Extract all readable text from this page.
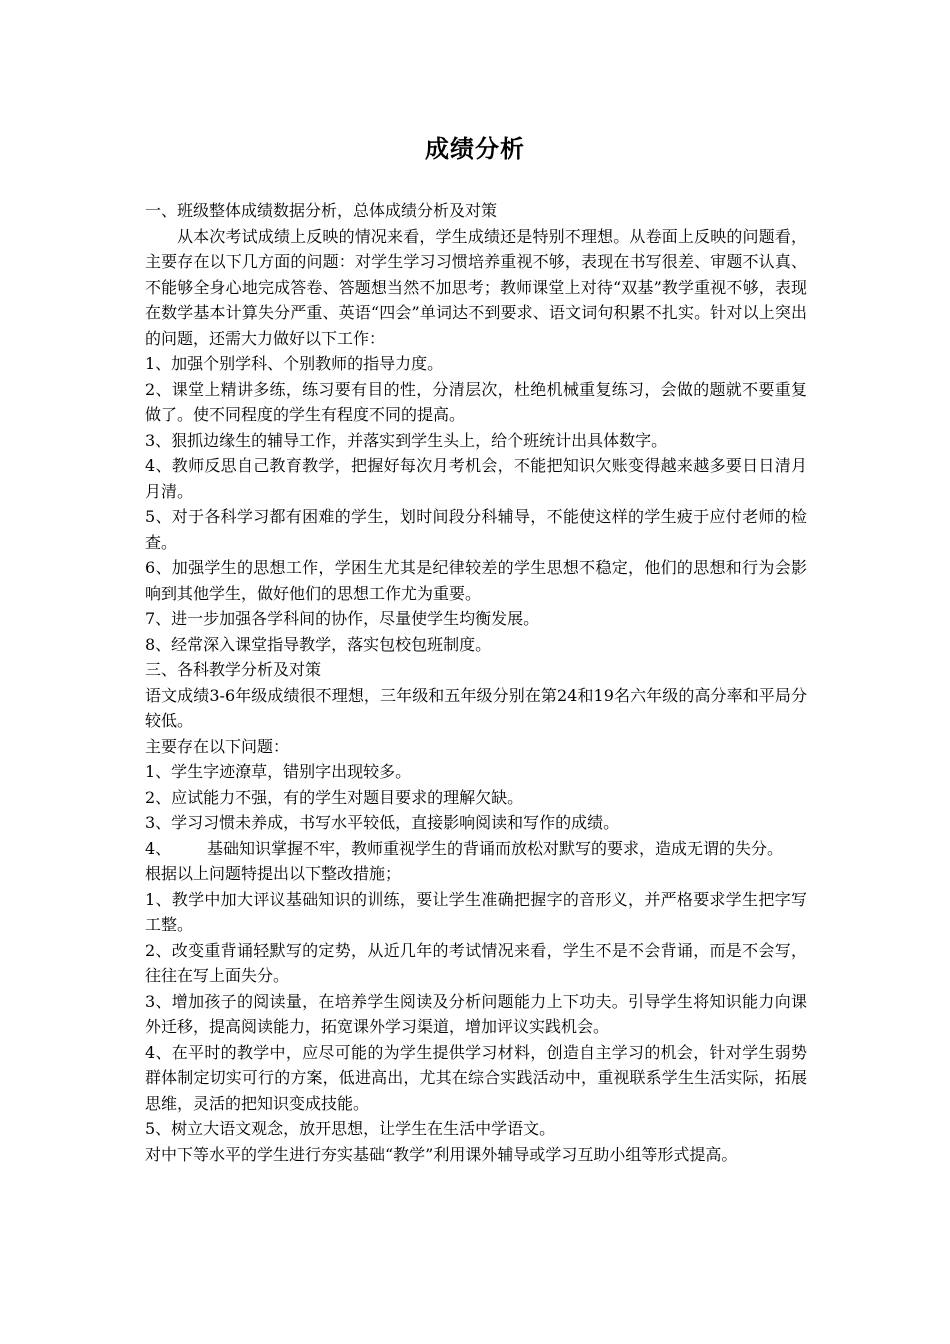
成绩分析

一、班级整体成绩数据分析，总体成绩分析及对策

从本次考试成绩上反映的情况来看，学生成绩还是特别不理想。从卷面上反映的问题看，主要存在以下几方面的问题：对学生学习习惯培养重视不够，表现在书写很差、审题不认真、不能够全身心地完成答卷、答题想当然不加思考；教师课堂上对待“双基”教学重视不够，表现在数学基本计算失分严重、英语“四会”单词达不到要求、语文词句积累不扎实。针对以上突出的问题，还需大力做好以下工作：

1、加强个别学科、个别教师的指导力度。

2、课堂上精讲多练，练习要有目的性，分清层次，杜绝机械重复练习，会做的题就不要重复做了。使不同程度的学生有程度不同的提高。

3、狠抓边缘生的辅导工作，并落实到学生头上，给个班统计出具体数字。

4、教师反思自己教育教学，把握好每次月考机会，不能把知识欠账变得越来越多要日日清月月清。

5、对于各科学习都有困难的学生，划时间段分科辅导，不能使这样的学生疲于应付老师的检查。

6、加强学生的思想工作，学困生尤其是纪律较差的学生思想不稳定，他们的思想和行为会影响到其他学生，做好他们的思想工作尤为重要。

7、进一步加强各学科间的协作，尽量使学生均衡发展。

8、经常深入课堂指导教学，落实包校包班制度。

三、各科教学分析及对策

语文成绩3-6年级成绩很不理想，三年级和五年级分别在第24和19名六年级的高分率和平局分较低。

主要存在以下问题：

1、学生字迹潦草，错别字出现较多。

2、应试能力不强，有的学生对题目要求的理解欠缺。

3、学习习惯未养成，书写水平较低，直接影响阅读和写作的成绩。

4、 基础知识掌握不牢，教师重视学生的背诵而放松对默写的要求，造成无谓的失分。

根据以上问题特提出以下整改措施；

1、教学中加大评议基础知识的训练，要让学生准确把握字的音形义，并严格要求学生把字写工整。

2、改变重背诵轻默写的定势，从近几年的考试情况来看，学生不是不会背诵，而是不会写，往往在写上面失分。

3、增加孩子的阅读量，在培养学生阅读及分析问题能力上下功夫。引导学生将知识能力向课外迁移，提高阅读能力，拓宽课外学习渠道，增加评议实践机会。

4、在平时的教学中，应尽可能的为学生提供学习材料，创造自主学习的机会，针对学生弱势群体制定切实可行的方案，低进高出，尤其在综合实践活动中，重视联系学生生活实际，拓展思维，灵活的把知识变成技能。

5、树立大语文观念，放开思想，让学生在生活中学语文。

对中下等水平的学生进行夯实基础“教学”利用课外辅导或学习互助小组等形式提高。
